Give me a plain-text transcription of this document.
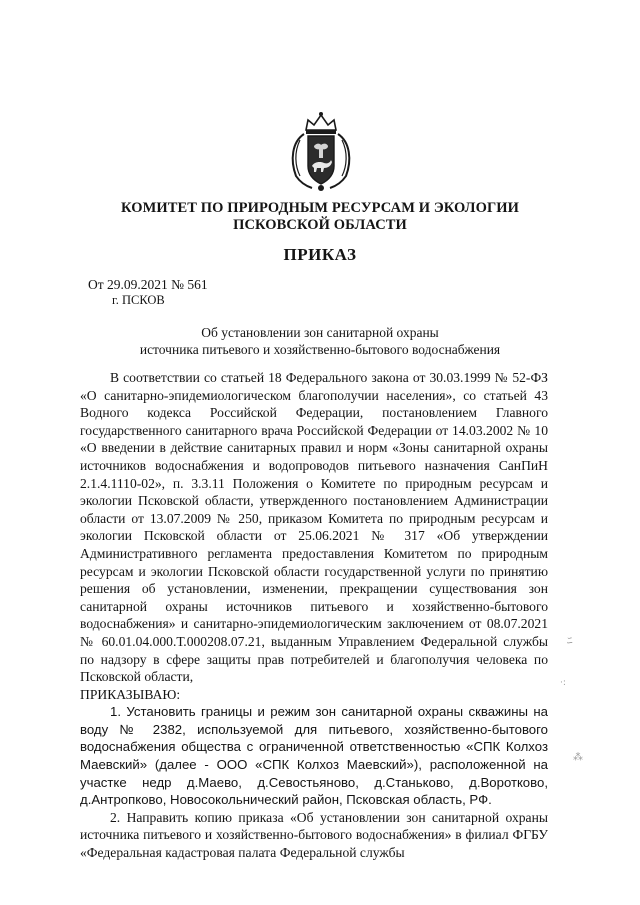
КОМИТЕТ ПО ПРИРОДНЫМ РЕСУРСАМ И ЭКОЛОГИИ
ПСКОВСКОЙ ОБЛАСТИ
ПРИКАЗ
От 29.09.2021 № 561
г. ПСКОВ
Об установлении зон санитарной охраны
источника питьевого и хозяйственно-бытового водоснабжения

В соответствии со статьей 18 Федерального закона от 30.03.1999 № 52-ФЗ «О санитарно-эпидемиологическом благополучии населения», со статьей 43 Водного кодекса Российской Федерации, постановлением Главного государственного санитарного врача Российской Федерации от 14.03.2002 № 10 «О введении в действие санитарных правил и норм «Зоны санитарной охраны источников водоснабжения и водопроводов питьевого назначения СанПиН 2.1.4.1110-02», п. 3.3.11 Положения о Комитете по природным ресурсам и экологии Псковской области, утвержденного постановлением Администрации области от 13.07.2009 № 250, приказом Комитета по природным ресурсам и экологии Псковской области от 25.06.2021 № 317 «Об утверждении Административного регламента предоставления Комитетом по природным ресурсам и экологии Псковской области государственной услуги по принятию решения об установлении, изменении, прекращении существования зон санитарной охраны источников питьевого и хозяйственно-бытового водоснабжения» и санитарно-эпидемиологическим заключением от 08.07.2021 № 60.01.04.000.Т.000208.07.21, выданным Управлением Федеральной службы по надзору в сфере защиты прав потребителей и благополучия человека по Псковской области,

ПРИКАЗЫВАЮ:

1. Установить границы и режим зон санитарной охраны скважины на воду № 2382, используемой для питьевого, хозяйственно-бытового водоснабжения общества с ограниченной ответственностью «СПК Колхоз Маевский» (далее - ООО «СПК Колхоз Маевский»), расположенной на участке недр д.Маево, д.Севостьяново, д.Станьково, д.Вороткoво, д.Антропково, Новосокольнический район, Псковская область, РФ.

2. Направить копию приказа «Об установлении зон санитарной охраны источника питьевого и хозяйственно-бытового водоснабжения» в филиал ФГБУ «Федеральная кадастровая палата Федеральной службы

ﾆ
·:
⁂
